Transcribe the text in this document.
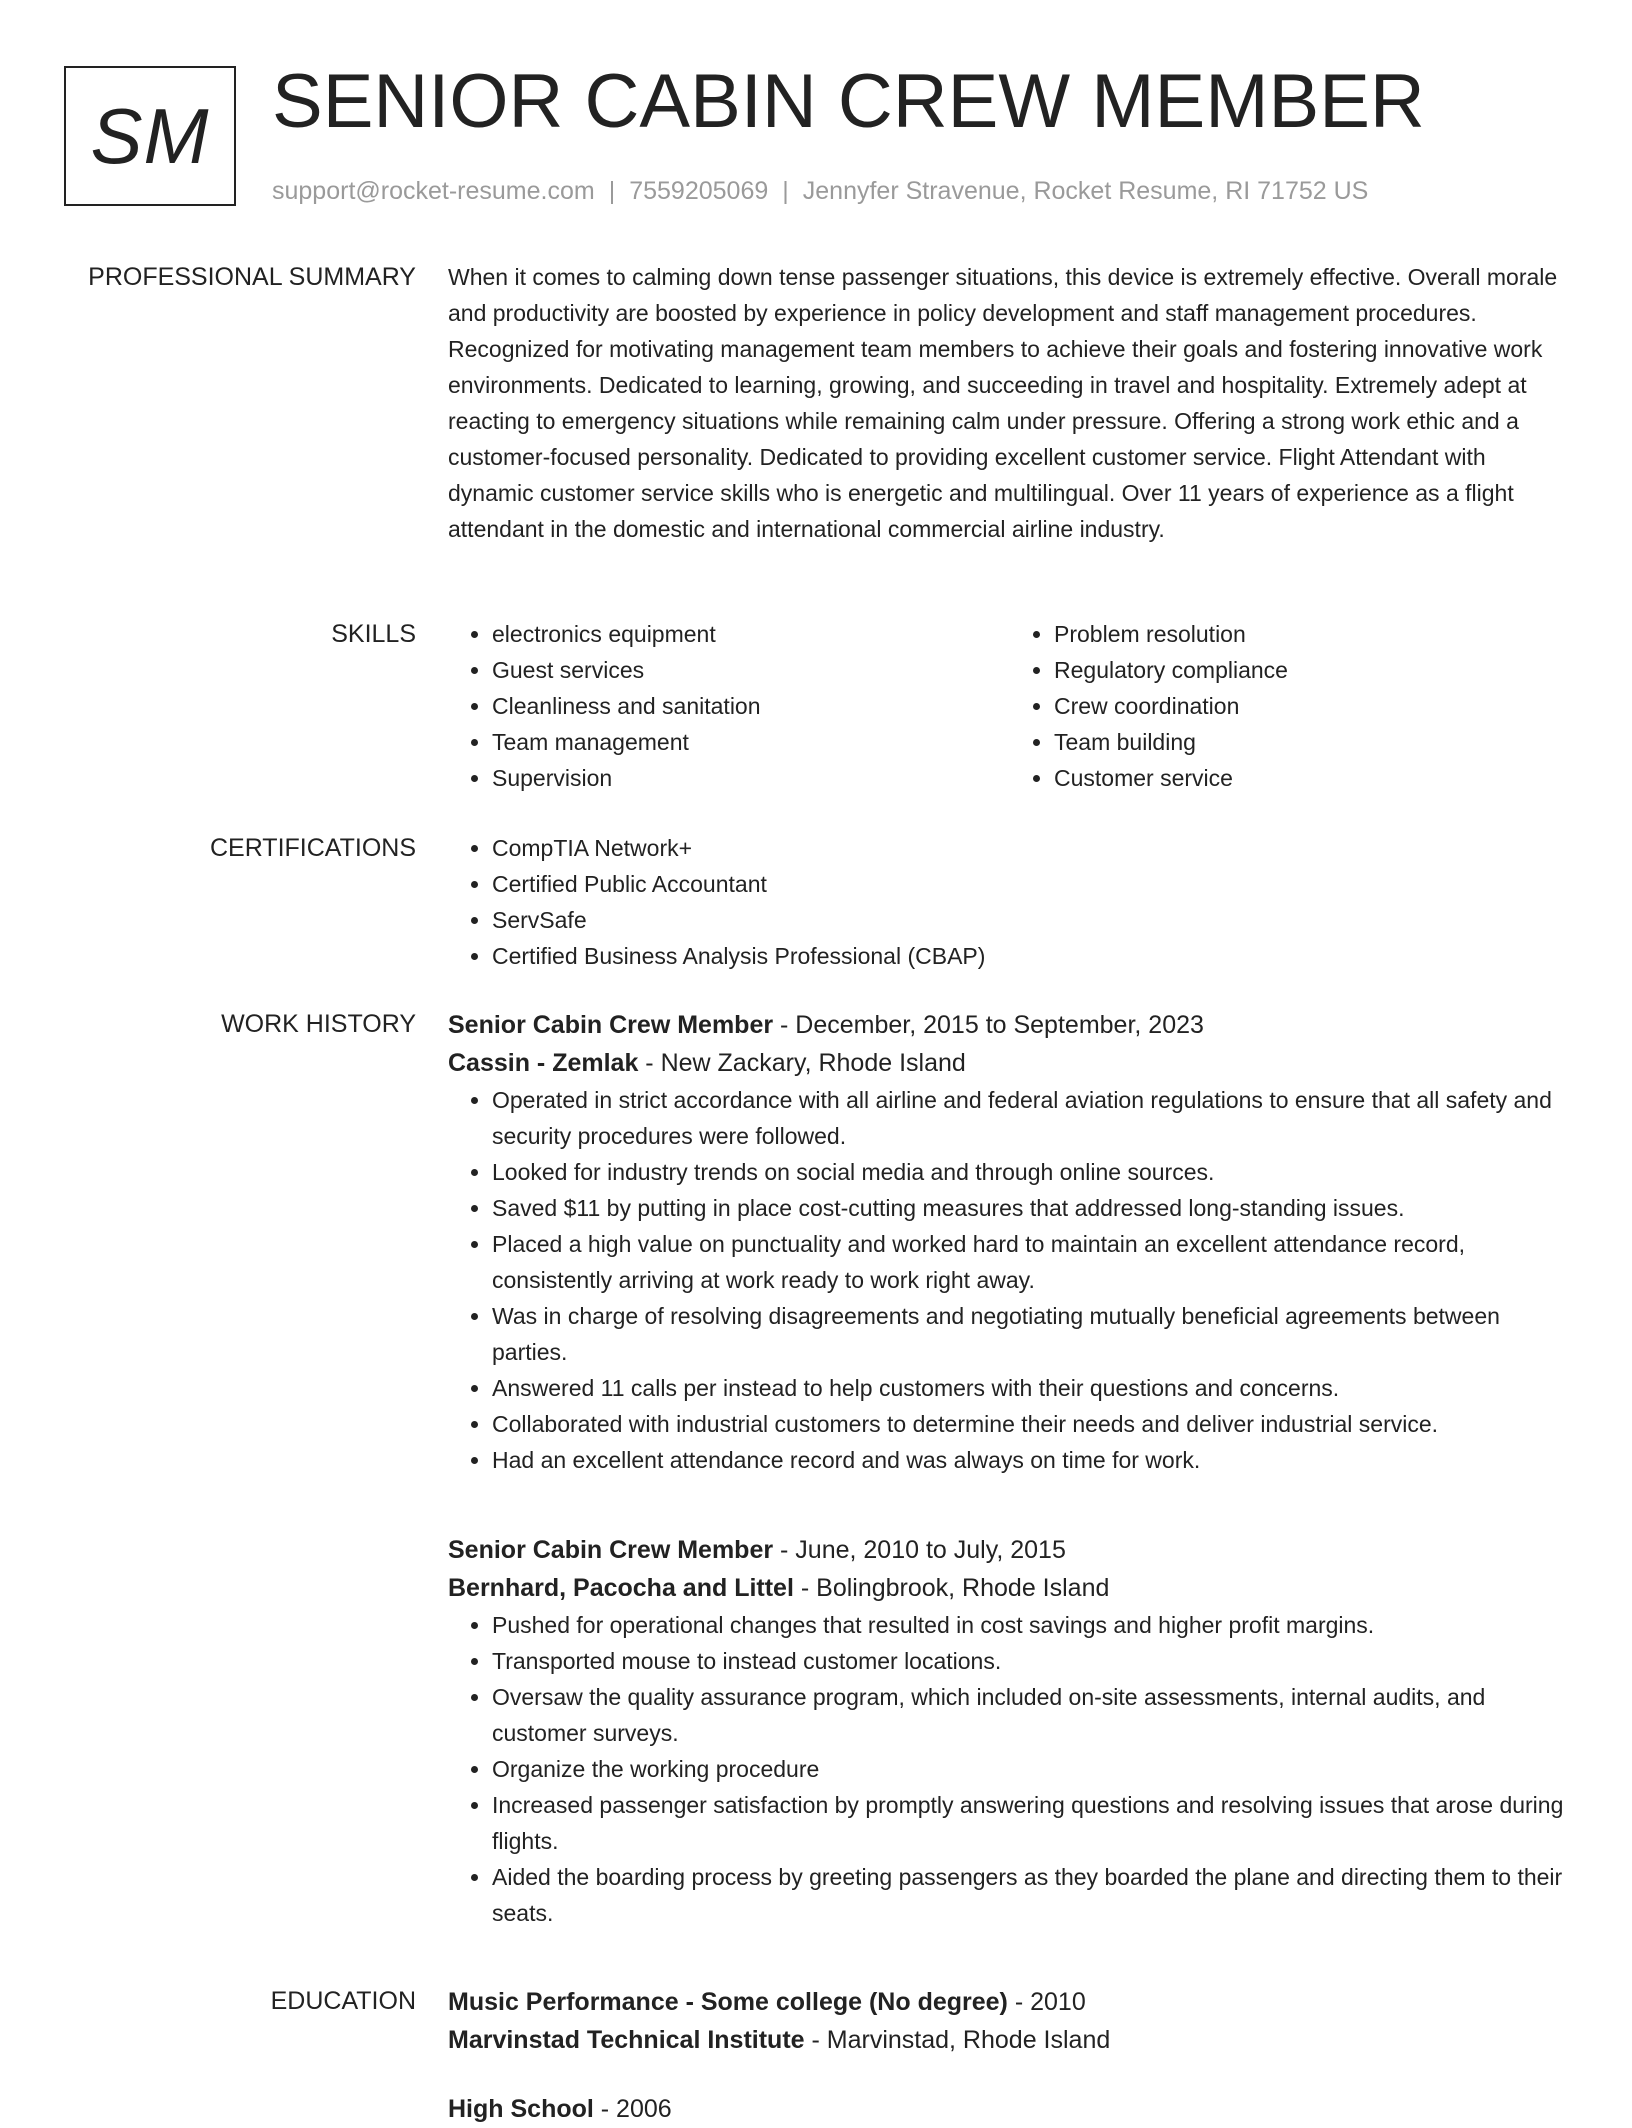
SM SENIOR CABIN CREW MEMBER
support@rocket-resume.com | 7559205069 | Jennyfer Stravenue, Rocket Resume, RI 71752 US
PROFESSIONAL SUMMARY When it comes to calming down tense passenger situations, this device is extremely effective. Overall morale and productivity are boosted by experience in policy development and staff management procedures. Recognized for motivating management team members to achieve their goals and fostering innovative work environments. Dedicated to learning, growing, and succeeding in travel and hospitality. Extremely adept at reacting to emergency situations while remaining calm under pressure. Offering a strong work ethic and a customer-focused personality. Dedicated to providing excellent customer service. Flight Attendant with dynamic customer service skills who is energetic and multilingual. Over 11 years of experience as a flight attendant in the domestic and international commercial airline industry.

SKILLS	• electronics equipment
• Guest services
• Cleanliness and sanitation
• Team management
• Supervision
• Problem resolution
• Regulatory compliance
• Crew coordination
• Team building
• Customer service
CERTIFICATIONS	• CompTIA Network+
• Certified Public Accountant
• ServSafe
• Certified Business Analysis Professional (CBAP)
WORK HISTORY Senior Cabin Crew Member - December, 2015 to September, 2023
Cassin - Zemlak - New Zackary, Rhode Island
• Operated in strict accordance with all airline and federal aviation regulations to ensure that all safety and security procedures were followed.
• Looked for industry trends on social media and through online sources.
• Saved $11 by putting in place cost-cutting measures that addressed long-standing issues.
• Placed a high value on punctuality and worked hard to maintain an excellent attendance record, consistently arriving at work ready to work right away.
• Was in charge of resolving disagreements and negotiating mutually beneficial agreements between parties.
• Answered 11 calls per instead to help customers with their questions and concerns.
• Collaborated with industrial customers to determine their needs and deliver industrial service.
• Had an excellent attendance record and was always on time for work.
Senior Cabin Crew Member - June, 2010 to July, 2015
Bernhard, Pacocha and Littel - Bolingbrook, Rhode Island
• Pushed for operational changes that resulted in cost savings and higher profit margins.
• Transported mouse to instead customer locations.
• Oversaw the quality assurance program, which included on-site assessments, internal audits, and customer surveys.
• Organize the working procedure
• Increased passenger satisfaction by promptly answering questions and resolving issues that arose during flights.
• Aided the boarding process by greeting passengers as they boarded the plane and directing them to their seats.
EDUCATION Music Performance - Some college (No degree) - 2010
Marvinstad Technical Institute - Marvinstad, Rhode Island
High School - 2006
